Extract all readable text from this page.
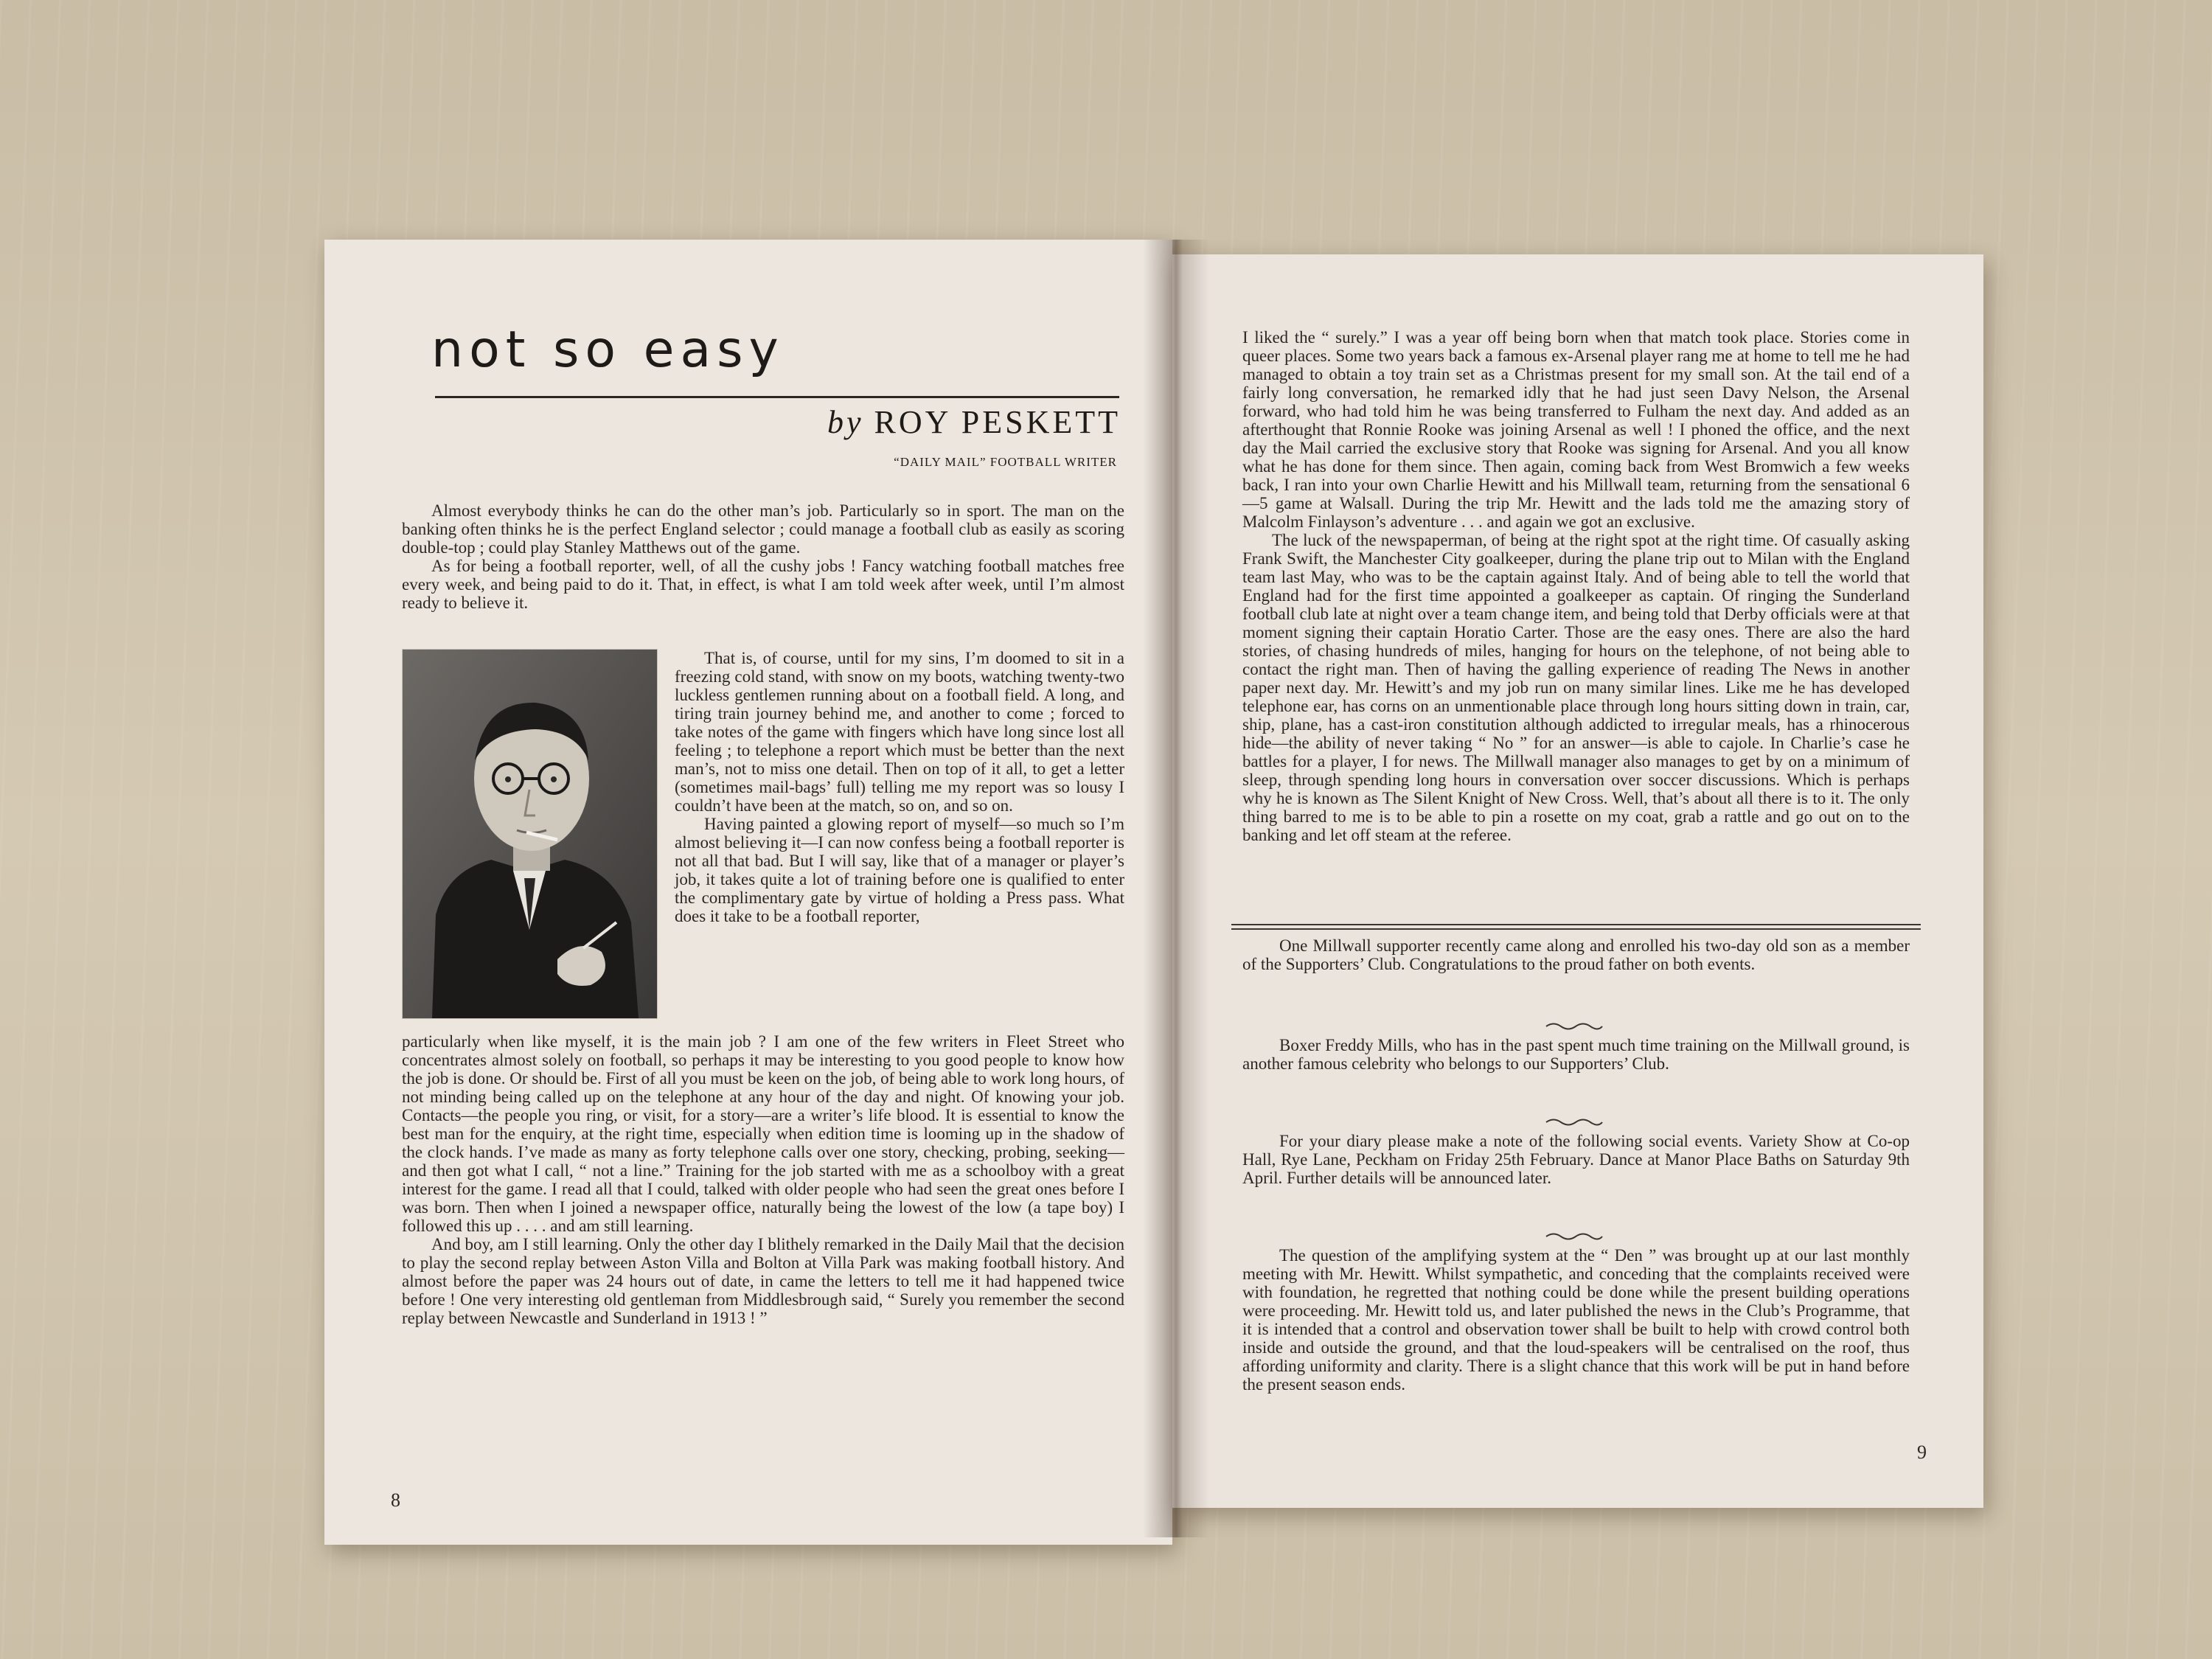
not so easy
by ROY PESKETT
“DAILY MAIL” FOOTBALL WRITER

Almost everybody thinks he can do the other man’s job. Particularly so in sport. The man on the banking often thinks he is the perfect England selector ; could manage a football club as easily as scoring double-top ; could play Stanley Matthews out of the game.

As for being a football reporter, well, of all the cushy jobs ! Fancy watching football matches free every week, and being paid to do it. That, in effect, is what I am told week after week, until I’m almost ready to believe it.

That is, of course, until for my sins, I’m doomed to sit in a freezing cold stand, with snow on my boots, watching twenty-two luckless gentlemen running about on a football field. A long, and tiring train journey behind me, and another to come ; forced to take notes of the game with fingers which have long since lost all feeling ; to telephone a report which must be better than the next man’s, not to miss one detail. Then on top of it all, to get a letter (sometimes mail-bags’ full) telling me my report was so lousy I couldn’t have been at the match, so on, and so on.

Having painted a glowing report of myself—so much so I’m almost believing it—I can now confess being a football reporter is not all that bad. But I will say, like that of a manager or player’s job, it takes quite a lot of training before one is qualified to enter the complimentary gate by virtue of holding a Press pass. What does it take to be a football reporter,

particularly when like myself, it is the main job ? I am one of the few writers in Fleet Street who concentrates almost solely on football, so perhaps it may be interesting to you good people to know how the job is done. Or should be. First of all you must be keen on the job, of being able to work long hours, of not minding being called up on the telephone at any hour of the day and night. Of knowing your job. Contacts—the people you ring, or visit, for a story—are a writer’s life blood. It is essential to know the best man for the enquiry, at the right time, especially when edition time is looming up in the shadow of the clock hands. I’ve made as many as forty telephone calls over one story, checking, probing, seeking—and then got what I call, “ not a line.” Training for the job started with me as a schoolboy with a great interest for the game. I read all that I could, talked with older people who had seen the great ones before I was born. Then when I joined a newspaper office, naturally being the lowest of the low (a tape boy) I followed this up . . . . and am still learning.

And boy, am I still learning. Only the other day I blithely remarked in the Daily Mail that the decision to play the second replay between Aston Villa and Bolton at Villa Park was making football history. And almost before the paper was 24 hours out of date, in came the letters to tell me it had happened twice before ! One very interesting old gentleman from Middlesbrough said, “ Surely you remember the second replay between Newcastle and Sunderland in 1913 ! ”

8

I liked the “ surely.” I was a year off being born when that match took place. Stories come in queer places. Some two years back a famous ex-Arsenal player rang me at home to tell me he had managed to obtain a toy train set as a Christmas present for my small son. At the tail end of a fairly long conversation, he remarked idly that he had just seen Davy Nelson, the Arsenal forward, who had told him he was being transferred to Fulham the next day. And added as an afterthought that Ronnie Rooke was joining Arsenal as well ! I phoned the office, and the next day the Mail carried the exclusive story that Rooke was signing for Arsenal. And you all know what he has done for them since. Then again, coming back from West Bromwich a few weeks back, I ran into your own Charlie Hewitt and his Millwall team, returning from the sensational 6—5 game at Walsall. During the trip Mr. Hewitt and the lads told me the amazing story of Malcolm Finlayson’s adventure . . . and again we got an exclusive.

The luck of the newspaperman, of being at the right spot at the right time. Of casually asking Frank Swift, the Manchester City goalkeeper, during the plane trip out to Milan with the England team last May, who was to be the captain against Italy. And of being able to tell the world that England had for the first time appointed a goalkeeper as captain. Of ringing the Sunderland football club late at night over a team change item, and being told that Derby officials were at that moment signing their captain Horatio Carter. Those are the easy ones. There are also the hard stories, of chasing hundreds of miles, hanging for hours on the telephone, of not being able to contact the right man. Then of having the galling experience of reading The News in another paper next day. Mr. Hewitt’s and my job run on many similar lines. Like me he has developed telephone ear, has corns on an unmentionable place through long hours sitting down in train, car, ship, plane, has a cast-iron constitution although addicted to irregular meals, has a rhinocerous hide—the ability of never taking “ No ” for an answer—is able to cajole. In Charlie’s case he battles for a player, I for news. The Millwall manager also manages to get by on a minimum of sleep, through spending long hours in conversation over soccer discussions. Which is perhaps why he is known as The Silent Knight of New Cross. Well, that’s about all there is to it. The only thing barred to me is to be able to pin a rosette on my coat, grab a rattle and go out on to the banking and let off steam at the referee.

One Millwall supporter recently came along and enrolled his two-day old son as a member of the Supporters’ Club. Congratulations to the proud father on both events.

Boxer Freddy Mills, who has in the past spent much time training on the Millwall ground, is another famous celebrity who belongs to our Supporters’ Club.

For your diary please make a note of the following social events. Variety Show at Co-op Hall, Rye Lane, Peckham on Friday 25th February. Dance at Manor Place Baths on Saturday 9th April. Further details will be announced later.

The question of the amplifying system at the “ Den ” was brought up at our last monthly meeting with Mr. Hewitt. Whilst sympathetic, and conceding that the complaints received were with foundation, he regretted that nothing could be done while the present building operations were proceeding. Mr. Hewitt told us, and later published the news in the Club’s Programme, that it is intended that a control and observation tower shall be built to help with crowd control both inside and outside the ground, and that the loud-speakers will be centralised on the roof, thus affording uniformity and clarity. There is a slight chance that this work will be put in hand before the present season ends.

9
